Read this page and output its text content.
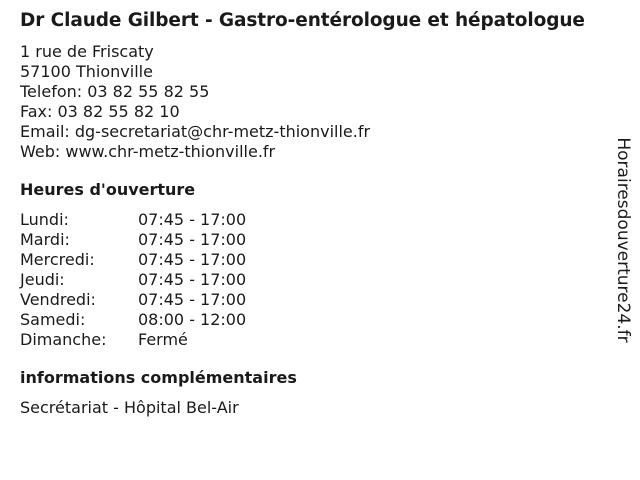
Dr Claude Gilbert - Gastro-entérologue et hépatologue
1 rue de Friscaty
57100 Thionville
Telefon: 03 82 55 82 55
Fax: 03 82 55 82 10
Email: dg-secretariat@chr-metz-thionville.fr
Web: www.chr-metz-thionville.fr
Heures d'ouverture
Lundi:	07:45 - 17:00
Mardi:	07:45 - 17:00
Mercredi:	07:45 - 17:00
Jeudi:	07:45 - 17:00
Vendredi:	07:45 - 17:00
Samedi:	08:00 - 12:00
Dimanche:	Fermé
informations complémentaires
Secrétariat - Hôpital Bel-Air
Horairesdouverture24.fr
